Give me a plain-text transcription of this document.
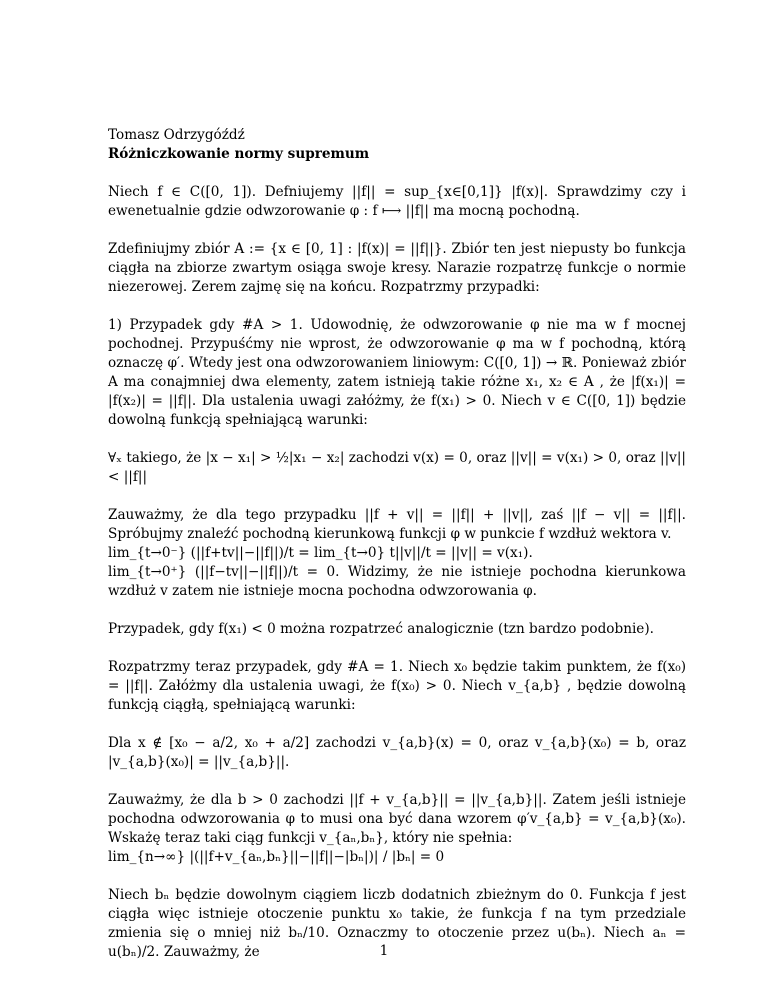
Tomasz Odrzygóźdź

Różniczkowanie normy supremum

Niech f ∈ C([0, 1]). Defniujemy ||f|| = sup_{x∈[0,1]} |f(x)|. Sprawdzimy czy i ewenetualnie gdzie odwzorowanie φ : f ⟼ ||f|| ma mocną pochodną.

Zdefiniujmy zbiór A := {x ∈ [0, 1] : |f(x)| = ||f||}. Zbiór ten jest niepusty bo funkcja ciągła na zbiorze zwartym osiąga swoje kresy. Narazie rozpatrzę funkcje o normie niezerowej. Zerem zajmę się na końcu. Rozpatrzmy przypadki:

1) Przypadek gdy #A > 1. Udowodnię, że odwzorowanie φ nie ma w f mocnej pochodnej. Przypuśćmy nie wprost, że odwzorowanie φ ma w f pochodną, którą oznaczę φ′. Wtedy jest ona odwzorowaniem liniowym: C([0, 1]) → ℝ. Ponieważ zbiór A ma conajmniej dwa elementy, zatem istnieją takie różne x₁, x₂ ∈ A , że |f(x₁)| = |f(x₂)| = ||f||. Dla ustalenia uwagi załóżmy, że f(x₁) > 0. Niech v ∈ C([0, 1]) będzie dowolną funkcją spełniającą warunki:

∀ₓ takiego, że |x − x₁| > ½|x₁ − x₂| zachodzi v(x) = 0, oraz ||v|| = v(x₁) > 0, oraz ||v|| < ||f||

Zauważmy, że dla tego przypadku ||f + v|| = ||f|| + ||v||, zaś ||f − v|| = ||f||. Spróbujmy znaleźć pochodną kierunkową funkcji φ w punkcie f wzdłuż wektora v.

lim_{t→0⁻} (||f+tv||−||f||)/t = lim_{t→0} t||v||/t = ||v|| = v(x₁).

lim_{t→0⁺} (||f−tv||−||f||)/t = 0. Widzimy, że nie istnieje pochodna kierunkowa wzdłuż v zatem nie istnieje mocna pochodna odwzorowania φ.

Przypadek, gdy f(x₁) < 0 można rozpatrzeć analogicznie (tzn bardzo podobnie).

Rozpatrzmy teraz przypadek, gdy #A = 1. Niech x₀ będzie takim punktem, że f(x₀) = ||f||. Załóżmy dla ustalenia uwagi, że f(x₀) > 0. Niech v_{a,b} , będzie dowolną funkcją ciągłą, spełniającą warunki:

Dla x ∉ [x₀ − a/2, x₀ + a/2] zachodzi v_{a,b}(x) = 0, oraz v_{a,b}(x₀) = b, oraz |v_{a,b}(x₀)| = ||v_{a,b}||.

Zauważmy, że dla b > 0 zachodzi ||f + v_{a,b}|| = ||v_{a,b}||. Zatem jeśli istnieje pochodna odwzorowania φ to musi ona być dana wzorem φ′v_{a,b} = v_{a,b}(x₀). Wskażę teraz taki ciąg funkcji v_{aₙ,bₙ}, który nie spełnia:

lim_{n→∞} |(||f+v_{aₙ,bₙ}||−||f||−|bₙ|)| / |bₙ| = 0

Niech bₙ będzie dowolnym ciągiem liczb dodatnich zbieżnym do 0. Funkcja f jest ciągła więc istnieje otoczenie punktu x₀ takie, że funkcja f na tym przedziale zmienia się o mniej niż bₙ/10. Oznaczmy to otoczenie przez u(bₙ). Niech aₙ = u(bₙ)/2. Zauważmy, że	1
